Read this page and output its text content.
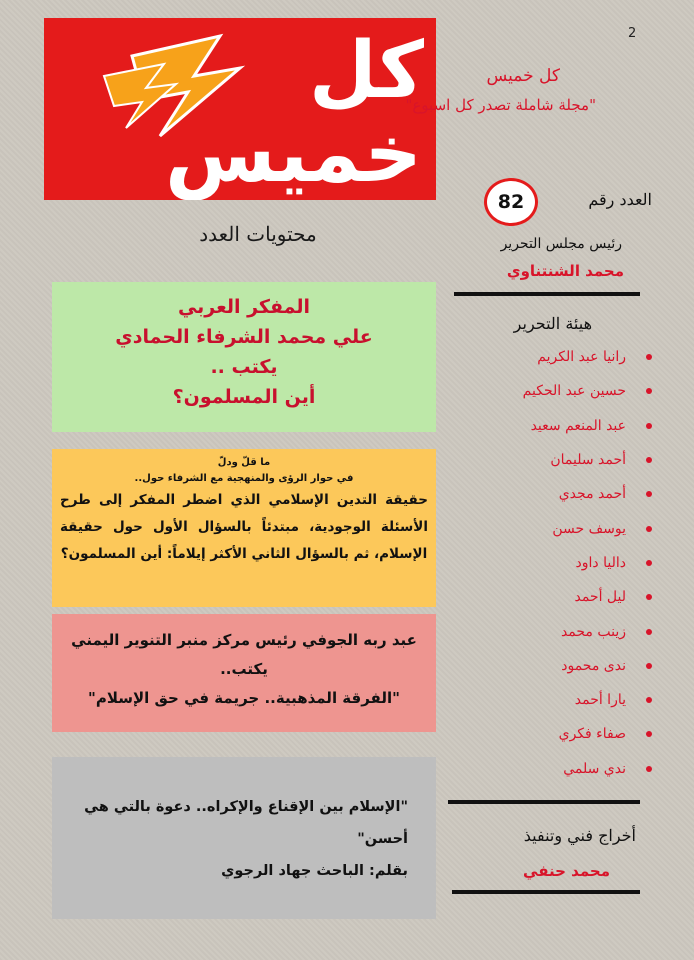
2
كل
خميس
كل خميس
"مجلة شاملة تصدر كل اسبوع"
العدد رقم
82
رئيس مجلس التحرير
محمد الشنتناوي
هيئة التحرير
رانيا عبد الكريم
حسين عبد الحكيم
عبد المنعم سعيد
أحمد سليمان
أحمد مجدي
يوسف حسن
داليا داود
ليل أحمد
زينب محمد
ندى محمود
يارا أحمد
صفاء فكري
ندي سلمي
أخراج فني وتنفيذ
محمد حنفي
محتويات العدد
المفكر العربي
علي محمد الشرفاء الحمادي
يكتب ..
أين المسلمون؟
ما قلّ ودلّ
في حوار الرؤى والمنهجية مع الشرفاء حول..
حقيقة التدين الإسلامي الذي اضطر المفكر إلى طرح الأسئلة الوجودية، مبتدئاً بالسؤال الأول حول حقيقة الإسلام، ثم بالسؤال الثاني الأكثر إيلاماً: أين المسلمون؟
عبد ربه الجوفي رئيس مركز منبر التنوير اليمني
يكتب..
"الفرقة المذهبية.. جريمة في حق الإسلام"
"الإسلام بين الإقناع والإكراه.. دعوة بالتي هي
أحسن"
بقلم: الباحث جهاد الرجوي
